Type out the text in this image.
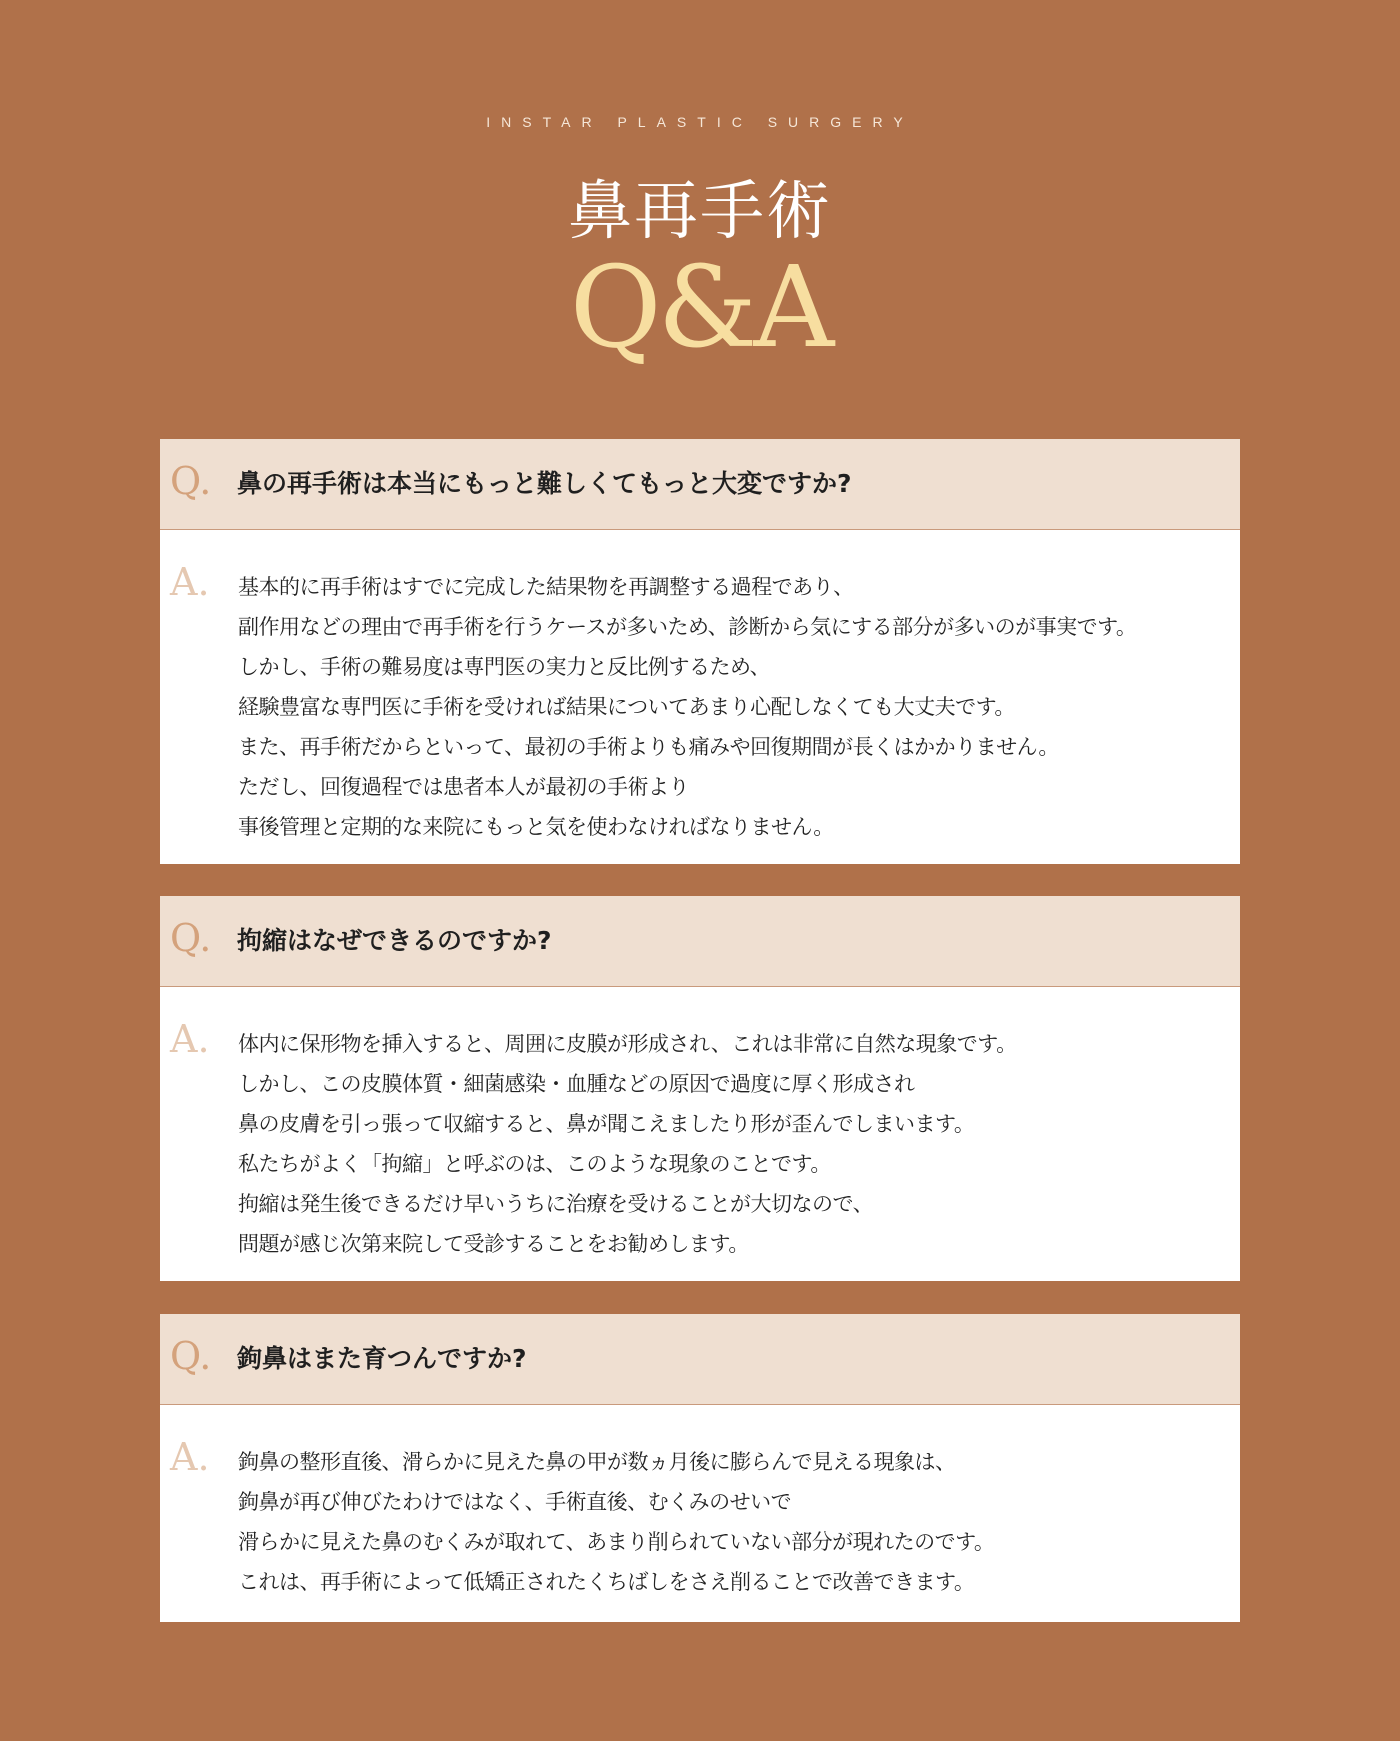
INSTAR PLASTIC SURGERY
鼻再手術
Q&A
Q. 鼻の再手術は本当にもっと難しくてもっと大変ですか?
A. 基本的に再手術はすでに完成した結果物を再調整する過程であり、
副作用などの理由で再手術を行うケースが多いため、診断から気にする部分が多いのが事実です。
しかし、手術の難易度は専門医の実力と反比例するため、
経験豊富な専門医に手術を受ければ結果についてあまり心配しなくても大丈夫です。
また、再手術だからといって、最初の手術よりも痛みや回復期間が長くはかかりません。
ただし、回復過程では患者本人が最初の手術より
事後管理と定期的な来院にもっと気を使わなければなりません。
Q. 拘縮はなぜできるのですか?
A. 体内に保形物を挿入すると、周囲に皮膜が形成され、これは非常に自然な現象です。
しかし、この皮膜体質・細菌感染・血腫などの原因で過度に厚く形成され
鼻の皮膚を引っ張って収縮すると、鼻が聞こえましたり形が歪んでしまいます。
私たちがよく「拘縮」と呼ぶのは、このような現象のことです。
拘縮は発生後できるだけ早いうちに治療を受けることが大切なので、
問題が感じ次第来院して受診することをお勧めします。
Q. 鉤鼻はまた育つんですか?
A. 鉤鼻の整形直後、滑らかに見えた鼻の甲が数ヵ月後に膨らんで見える現象は、
鉤鼻が再び伸びたわけではなく、手術直後、むくみのせいで
滑らかに見えた鼻のむくみが取れて、あまり削られていない部分が現れたのです。
これは、再手術によって低矯正されたくちばしをさえ削ることで改善できます。
